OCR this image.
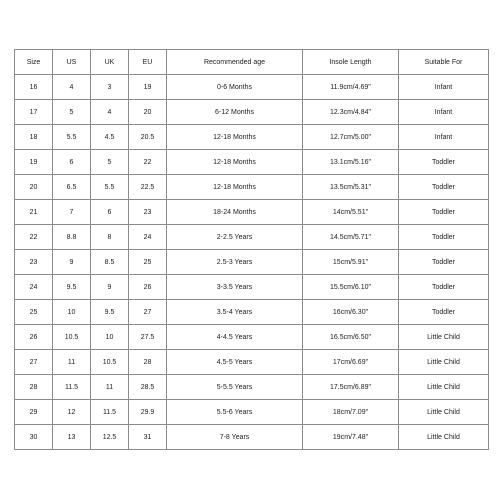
Size	US	UK	EU	Recommended age	Insole Length	Suitable For
16	4	3	19	0-6 Months	11.9cm/4.69"	Infant
17	5	4	20	6-12 Months	12.3cm/4.84"	Infant
18	5.5	4.5	20.5	12-18 Months	12.7cm/5.00"	Infant
19	6	5	22	12-18 Months	13.1cm/5.16"	Toddler
20	6.5	5.5	22.5	12-18 Months	13.5cm/5.31"	Toddler
21	7	6	23	18-24 Months	14cm/5.51"	Toddler
22	8.8	8	24	2-2.5 Years	14.5cm/5.71"	Toddler
23	9	8.5	25	2.5-3 Years	15cm/5.91"	Toddler
24	9.5	9	26	3-3.5 Years	15.5cm/6.10"	Toddler
25	10	9.5	27	3.5-4 Years	16cm/6.30"	Toddler
26	10.5	10	27.5	4-4.5 Years	16.5cm/6.50"	Little Child
27	11	10.5	28	4.5-5 Years	17cm/6.69"	Little Child
28	11.5	11	28.5	5-5.5 Years	17.5cm/6.89"	Little Child
29	12	11.5	29.9	5.5-6 Years	18cm/7.09"	Little Child
30	13	12.5	31	7-8 Years	19cm/7.48"	Little Child
